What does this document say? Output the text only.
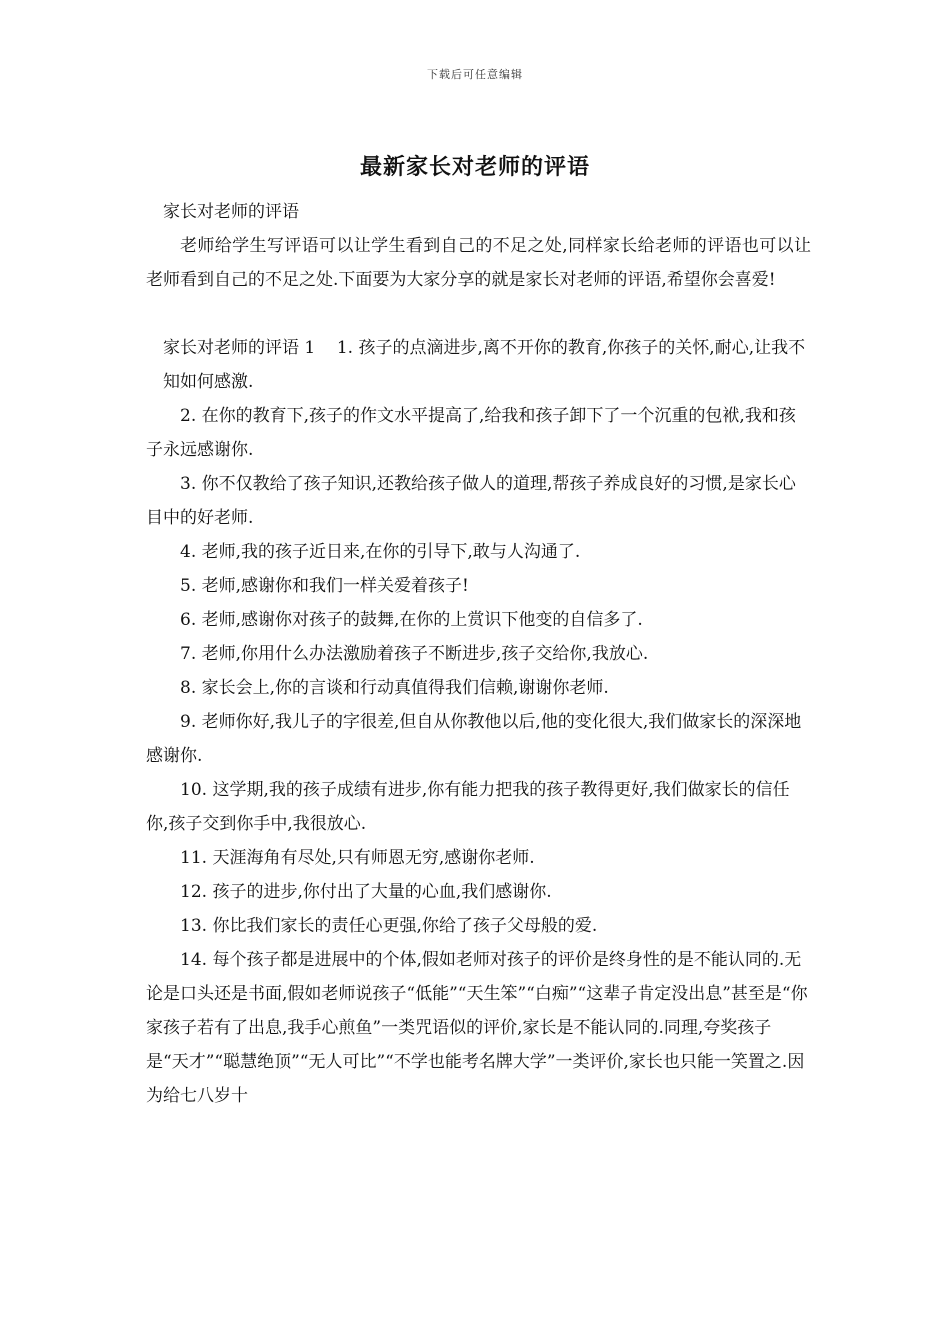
下载后可任意编辑
最新家长对老师的评语

家长对老师的评语

老师给学生写评语可以让学生看到自己的不足之处,同样家长给老师的评语也可以让老师看到自己的不足之处.下面要为大家分享的就是家长对老师的评语,希望你会喜爱!

家长对老师的评语 1 1. 孩子的点滴进步,离不开你的教育,你孩子的关怀,耐心,让我不知如何感激.

2. 在你的教育下,孩子的作文水平提高了,给我和孩子卸下了一个沉重的包袱,我和孩子永远感谢你.

3. 你不仅教给了孩子知识,还教给孩子做人的道理,帮孩子养成良好的习惯,是家长心目中的好老师.

4. 老师,我的孩子近日来,在你的引导下,敢与人沟通了.

5. 老师,感谢你和我们一样关爱着孩子!

6. 老师,感谢你对孩子的鼓舞,在你的上赏识下他变的自信多了.

7. 老师,你用什么办法激励着孩子不断进步,孩子交给你,我放心.

8. 家长会上,你的言谈和行动真值得我们信赖,谢谢你老师.

9. 老师你好,我儿子的字很差,但自从你教他以后,他的变化很大,我们做家长的深深地感谢你.

10. 这学期,我的孩子成绩有进步,你有能力把我的孩子教得更好,我们做家长的信任你,孩子交到你手中,我很放心.

11. 天涯海角有尽处,只有师恩无穷,感谢你老师.

12. 孩子的进步,你付出了大量的心血,我们感谢你.

13. 你比我们家长的责任心更强,你给了孩子父母般的爱.

14. 每个孩子都是进展中的个体,假如老师对孩子的评价是终身性的是不能认同的.无论是口头还是书面,假如老师说孩子“低能”“天生笨”“白痴”“这辈子肯定没出息”甚至是“你家孩子若有了出息,我手心煎鱼”一类咒语似的评价,家长是不能认同的.同理,夸奖孩子是“天才”“聪慧绝顶”“无人可比”“不学也能考名牌大学”一类评价,家长也只能一笑置之.因为给七八岁十
